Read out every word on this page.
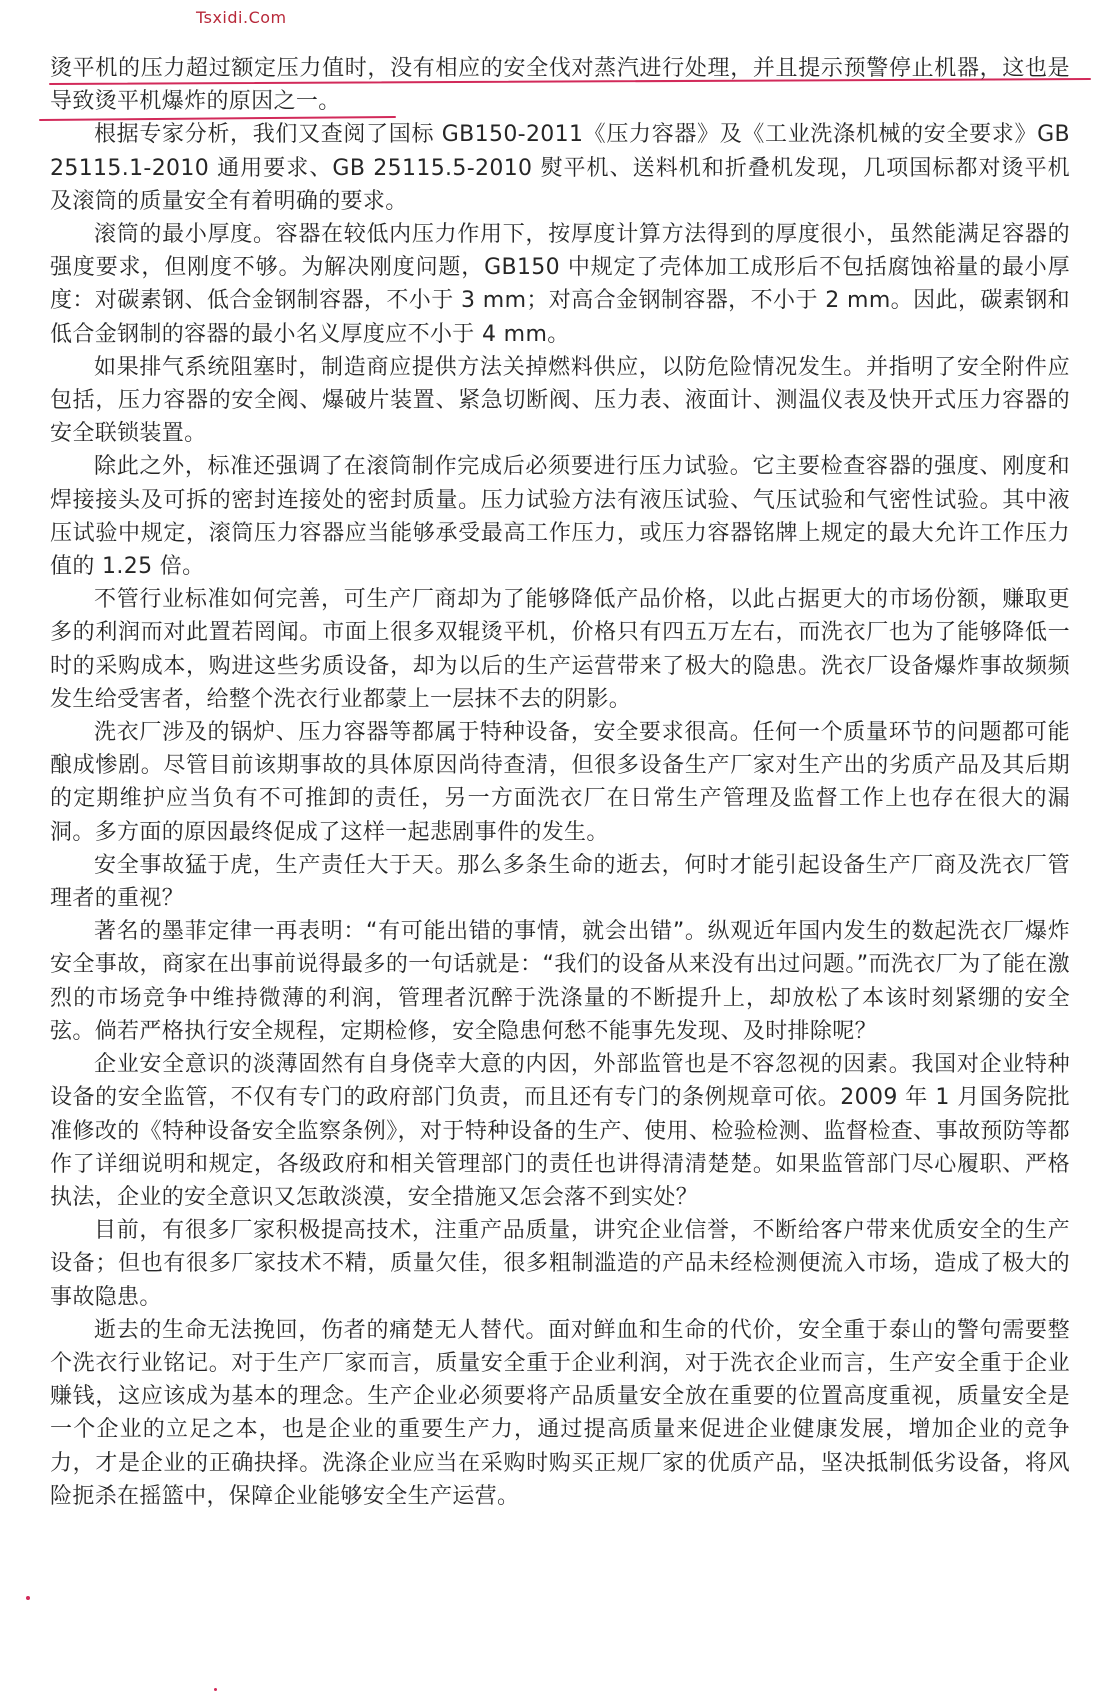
Tsxidi.Com

烫平机的压力超过额定压力值时，没有相应的安全伐对蒸汽进行处理，并且提示预警停止机器，这也是导致烫平机爆炸的原因之一。

根据专家分析，我们又查阅了国标 GB150-2011《压力容器》及《工业洗涤机械的安全要求》GB 25115.1-2010 通用要求、GB 25115.5-2010 熨平机、送料机和折叠机发现，几项国标都对烫平机及滚筒的质量安全有着明确的要求。

滚筒的最小厚度。容器在较低内压力作用下，按厚度计算方法得到的厚度很小，虽然能满足容器的强度要求，但刚度不够。为解决刚度问题，GB150 中规定了壳体加工成形后不包括腐蚀裕量的最小厚度：对碳素钢、低合金钢制容器，不小于 3 mm；对高合金钢制容器，不小于 2 mm。因此，碳素钢和低合金钢制的容器的最小名义厚度应不小于 4 mm。

如果排气系统阻塞时，制造商应提供方法关掉燃料供应，以防危险情况发生。并指明了安全附件应包括，压力容器的安全阀、爆破片装置、紧急切断阀、压力表、液面计、测温仪表及快开式压力容器的安全联锁装置。

除此之外，标准还强调了在滚筒制作完成后必须要进行压力试验。它主要检查容器的强度、刚度和焊接接头及可拆的密封连接处的密封质量。压力试验方法有液压试验、气压试验和气密性试验。其中液压试验中规定，滚筒压力容器应当能够承受最高工作压力，或压力容器铭牌上规定的最大允许工作压力值的 1.25 倍。

不管行业标准如何完善，可生产厂商却为了能够降低产品价格，以此占据更大的市场份额，赚取更多的利润而对此置若罔闻。市面上很多双辊烫平机，价格只有四五万左右，而洗衣厂也为了能够降低一时的采购成本，购进这些劣质设备，却为以后的生产运营带来了极大的隐患。洗衣厂设备爆炸事故频频发生给受害者，给整个洗衣行业都蒙上一层抹不去的阴影。

洗衣厂涉及的锅炉、压力容器等都属于特种设备，安全要求很高。任何一个质量环节的问题都可能酿成惨剧。尽管目前该期事故的具体原因尚待查清，但很多设备生产厂家对生产出的劣质产品及其后期的定期维护应当负有不可推卸的责任，另一方面洗衣厂在日常生产管理及监督工作上也存在很大的漏洞。多方面的原因最终促成了这样一起悲剧事件的发生。

安全事故猛于虎，生产责任大于天。那么多条生命的逝去，何时才能引起设备生产厂商及洗衣厂管理者的重视？

著名的墨菲定律一再表明：“有可能出错的事情，就会出错”。纵观近年国内发生的数起洗衣厂爆炸安全事故，商家在出事前说得最多的一句话就是：“我们的设备从来没有出过问题。”而洗衣厂为了能在激烈的市场竞争中维持微薄的利润，管理者沉醉于洗涤量的不断提升上，却放松了本该时刻紧绷的安全弦。倘若严格执行安全规程，定期检修，安全隐患何愁不能事先发现、及时排除呢？

企业安全意识的淡薄固然有自身侥幸大意的内因，外部监管也是不容忽视的因素。我国对企业特种设备的安全监管，不仅有专门的政府部门负责，而且还有专门的条例规章可依。2009 年 1 月国务院批准修改的《特种设备安全监察条例》，对于特种设备的生产、使用、检验检测、监督检查、事故预防等都作了详细说明和规定，各级政府和相关管理部门的责任也讲得清清楚楚。如果监管部门尽心履职、严格执法，企业的安全意识又怎敢淡漠，安全措施又怎会落不到实处？

目前，有很多厂家积极提高技术，注重产品质量，讲究企业信誉，不断给客户带来优质安全的生产设备；但也有很多厂家技术不精，质量欠佳，很多粗制滥造的产品未经检测便流入市场，造成了极大的事故隐患。

逝去的生命无法挽回，伤者的痛楚无人替代。面对鲜血和生命的代价，安全重于泰山的警句需要整个洗衣行业铭记。对于生产厂家而言，质量安全重于企业利润，对于洗衣企业而言，生产安全重于企业赚钱，这应该成为基本的理念。生产企业必须要将产品质量安全放在重要的位置高度重视，质量安全是一个企业的立足之本，也是企业的重要生产力，通过提高质量来促进企业健康发展，增加企业的竞争力，才是企业的正确抉择。洗涤企业应当在采购时购买正规厂家的优质产品，坚决抵制低劣设备，将风险扼杀在摇篮中，保障企业能够安全生产运营。
